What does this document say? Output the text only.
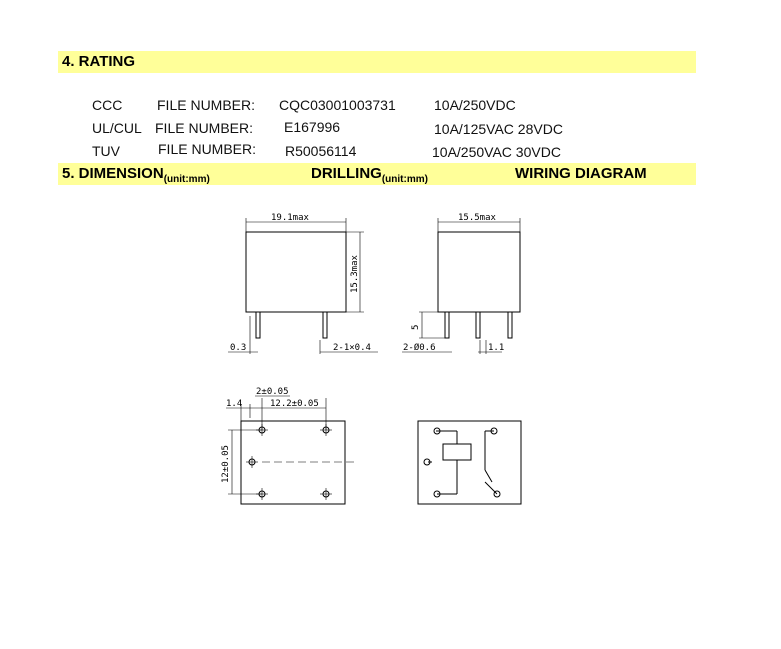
4. RATING
CCC FILE NUMBER: CQC03001003731	10A/250VDC
UL/CUL FILE NUMBER: E167996	10A/125VAC 28VDC
TUV	FILE NUMBER: R50056114	10A/250VAC 30VDC
5. $DIMENSION_{(unit:mm)}$	$DRILLING_{(unit:mm)}$	WIRING DIAGRAM
19.1max
15.3max
0.3	2-1×0.4
15.5max
5
2-Ø0.6	1.1
2±0.05
1.4	12.2±0.05
12±0.05
